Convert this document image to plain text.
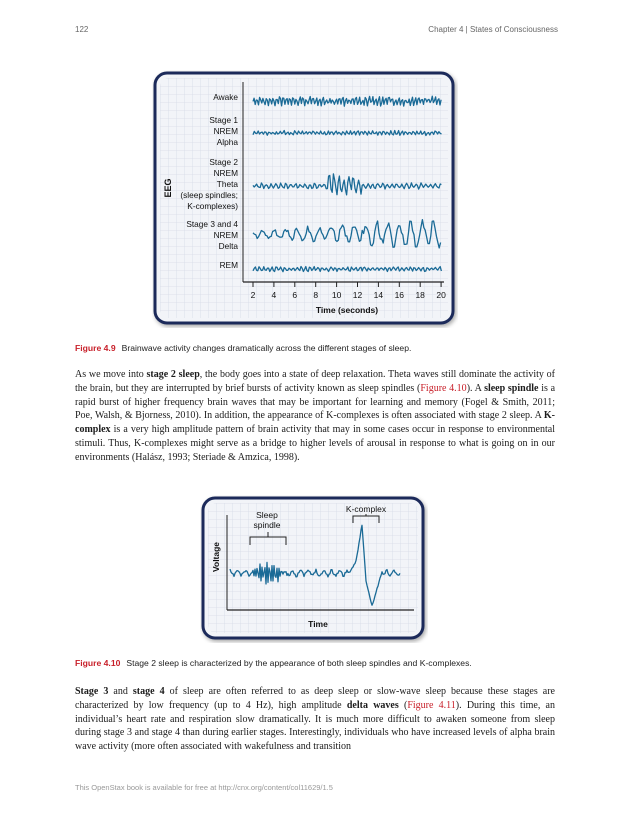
122	Chapter 4 | States of Consciousness
EEG
Awake
Stage 1
NREM
Alpha
Stage 2
NREM
Theta
(sleep spindles;
K-complexes)
Stage 3 and 4
NREM
Delta
REM
2 4 6 8 10 12 14 16 18 20
Time (seconds)
Figure 4.9 Brainwave activity changes dramatically across the different stages of sleep.
As we move into stage 2 sleep, the body goes into a state of deep relaxation. Theta waves still dominate the activity of the brain, but they are interrupted by brief bursts of activity known as sleep spindles (Figure 4.10). A sleep spindle is a rapid burst of higher frequency brain waves that may be important for learning and memory (Fogel & Smith, 2011; Poe, Walsh, & Bjorness, 2010). In addition, the appearance of K-complexes is often associated with stage 2 sleep. A K-complex is a very high amplitude pattern of brain activity that may in some cases occur in response to environmental stimuli. Thus, K-complexes might serve as a bridge to higher levels of arousal in response to what is going on in our environments (Halász, 1993; Steriade & Amzica, 1998).
Voltage
Time
Sleep
spindle
K-complex
Figure 4.10 Stage 2 sleep is characterized by the appearance of both sleep spindles and K-complexes.
Stage 3 and stage 4 of sleep are often referred to as deep sleep or slow-wave sleep because these stages are characterized by low frequency (up to 4 Hz), high amplitude delta waves (Figure 4.11). During this time, an individual’s heart rate and respiration slow dramatically. It is much more difficult to awaken someone from sleep during stage 3 and stage 4 than during earlier stages. Interestingly, individuals who have increased levels of alpha brain wave activity (more often associated with wakefulness and transition
This OpenStax book is available for free at http://cnx.org/content/col11629/1.5
